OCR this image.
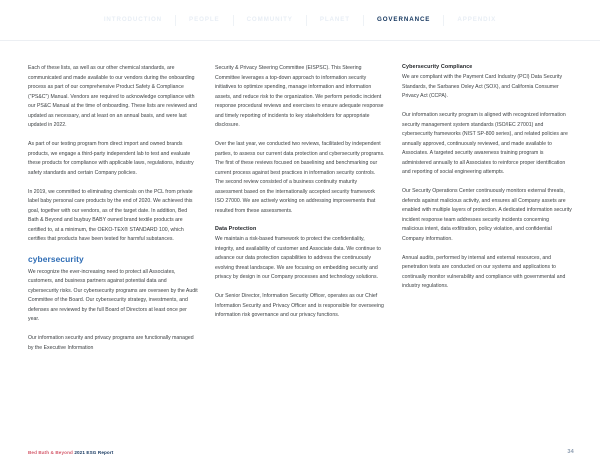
INTRODUCTION	PEOPLE	COMMUNITY	PLANET	GOVERNANCE	APPENDIX

Each of these lists, as well as our other chemical standards, are communicated and made available to our vendors during the onboarding process as part of our comprehensive Product Safety & Compliance (“PS&C”) Manual. Vendors are required to acknowledge compliance with our PS&C Manual at the time of onboarding. These lists are reviewed and updated as necessary, and at least on an annual basis, and were last updated in 2022.

As part of our testing program from direct import and owned brands products, we engage a third-party independent lab to test and evaluate these products for compliance with applicable laws, regulations, industry safety standards and certain Company policies.

In 2019, we committed to eliminating chemicals on the PCL from private label baby personal care products by the end of 2020. We achieved this goal, together with our vendors, as of the target date. In addition, Bed Bath & Beyond and buybuy BABY owned brand textile products are certified to, at a minimum, the OEKO-TEX® STANDARD 100, which certifies that products have been tested for harmful substances.

cybersecurity

We recognize the ever-increasing need to protect all Associates, customers, and business partners against potential data and cybersecurity risks. Our cybersecurity programs are overseen by the Audit Committee of the Board. Our cybersecurity strategy, investments, and defenses are reviewed by the full Board of Directors at least once per year.

Our information security and privacy programs are functionally managed by the Executive Information

Security & Privacy Steering Committee (EISPSC). This Steering Committee leverages a top-down approach to information security initiatives to optimize spending, manage information and information assets, and reduce risk to the organization. We perform periodic incident response procedural reviews and exercises to ensure adequate response and timely reporting of incidents to key stakeholders for appropriate disclosure.

Over the last year, we conducted two reviews, facilitated by independent parties, to assess our current data protection and cybersecurity programs. The first of these reviews focused on baselining and benchmarking our current process against best practices in information security controls. The second review consisted of a business continuity maturity assessment based on the internationally accepted security framework ISO 27000. We are actively working on addressing improvements that resulted from these assessments.

Data Protection

We maintain a risk-based framework to protect the confidentiality, integrity, and availability of customer and Associate data. We continue to advance our data protection capabilities to address the continuously evolving threat landscape. We are focusing on embedding security and privacy by design in our Company processes and technology solutions.

Our Senior Director, Information Security Officer, operates as our Chief Information Security and Privacy Officer and is responsible for overseeing information risk governance and our privacy functions.

Cybersecurity Compliance

We are compliant with the Payment Card Industry (PCI) Data Security Standards, the Sarbanes Oxley Act (SOX), and California Consumer Privacy Act (CCPA).

Our information security program is aligned with recognized information security management system standards (ISO/IEC 27001) and cybersecurity frameworks (NIST SP-800 series), and related policies are annually approved, continuously reviewed, and made available to Associates. A targeted security awareness training program is administered annually to all Associates to reinforce proper identification and reporting of social engineering attempts.

Our Security Operations Center continuously monitors external threats, defends against malicious activity, and ensures all Company assets are enabled with multiple layers of protection. A dedicated information security incident response team addresses security incidents concerning malicious intent, data exfiltration, policy violation, and confidential Company information.

Annual audits, performed by internal and external resources, and penetration tests are conducted on our systems and applications to continually monitor vulnerability and compliance with governmental and industry regulations.

Bed Bath & Beyond 2021 ESG Report	34
